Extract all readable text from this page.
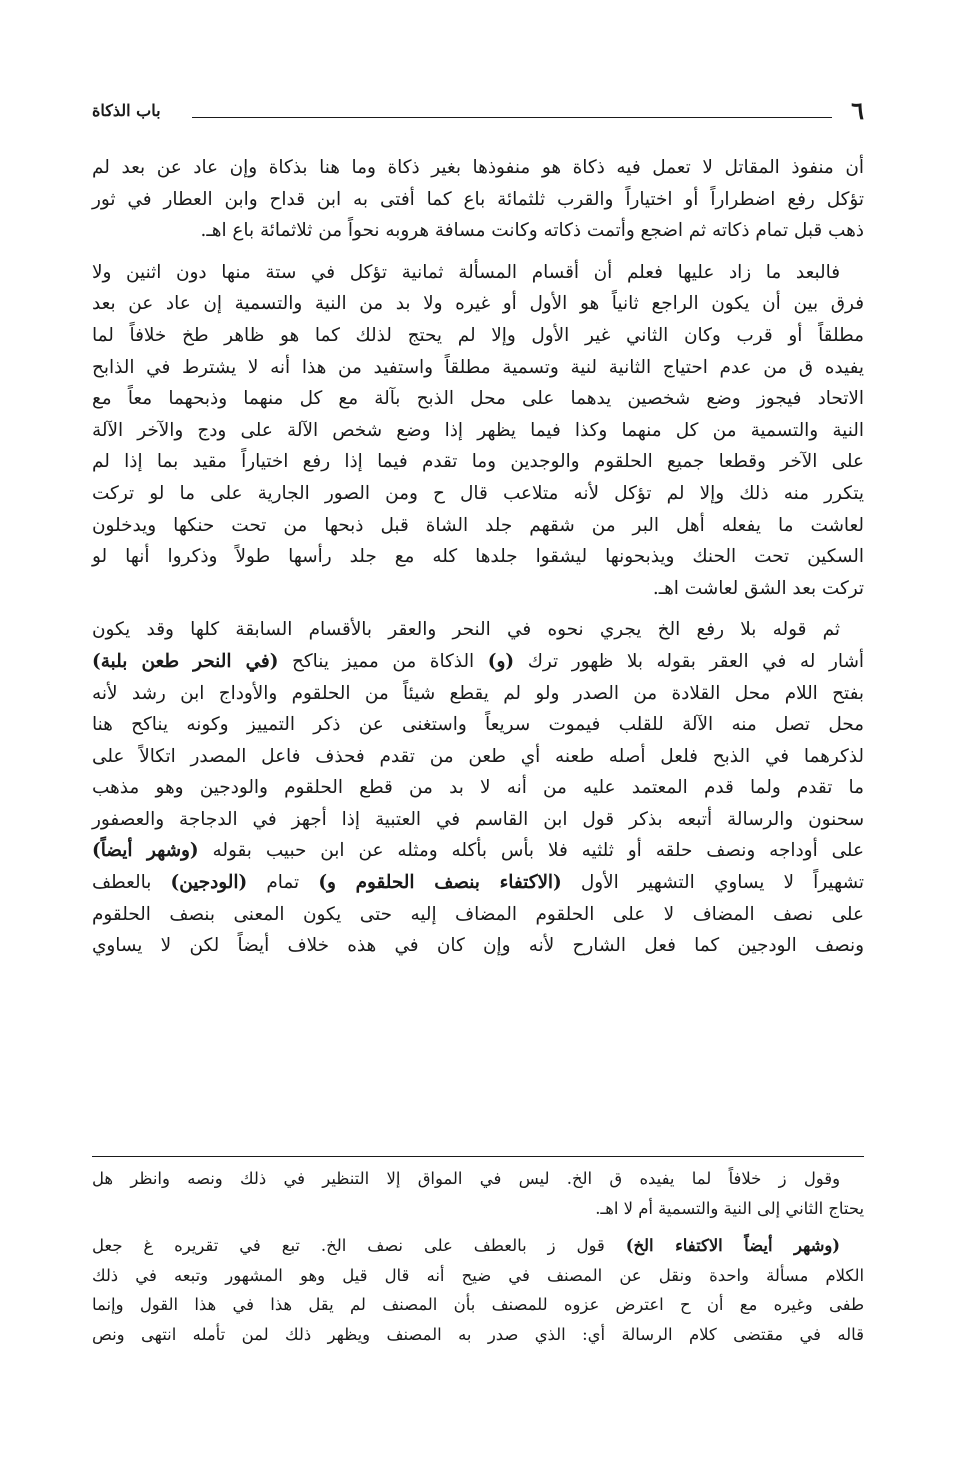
٦
باب الذكاة
أن منفوذ المقاتل لا تعمل فيه ذكاة هو منفوذها بغير ذكاة وما هنا بذكاة وإن عاد عن بعد لم
تؤكل رفع اضطراراً أو اختياراً والقرب ثلثمائة باع كما أفتى به ابن قداح وابن العطار في ثور
ذهب قبل تمام ذكاته ثم اضجع وأتمت ذكاته وكانت مسافة هروبه نحواً من ثلاثمائة باع اهـ.
فالبعد ما زاد عليها فعلم أن أقسام المسألة ثمانية تؤكل في ستة منها دون اثنين ولا
فرق بين أن يكون الراجع ثانياً هو الأول أو غيره ولا بد من النية والتسمية إن عاد عن بعد
مطلقاً أو قرب وكان الثاني غير الأول وإلا لم يحتج لذلك كما هو ظاهر طخ خلافاً لما
يفيده ق من عدم احتياج الثانية لنية وتسمية مطلقاً واستفيد من هذا أنه لا يشترط في الذابح
الاتحاد فيجوز وضع شخصين يدهما على محل الذبح بآلة مع كل منهما وذبحهما معاً مع
النية والتسمية من كل منهما وكذا فيما يظهر إذا وضع شخص الآلة على ودج والآخر الآلة
على الآخر وقطعا جميع الحلقوم والوجدين وما تقدم فيما إذا رفع اختياراً مقيد بما إذا لم
يتكرر منه ذلك وإلا لم تؤكل لأنه متلاعب قال ح ومن الصور الجارية على ما لو تركت
لعاشت ما يفعله أهل البر من شقهم جلد الشاة قبل ذبحها من تحت حنكها ويدخلون
السكين تحت الحنك ويذبحونها ليشقوا جلدها كله مع جلد رأسها طولاً وذكروا أنها لو
تركت بعد الشق لعاشت اهـ.
ثم قوله بلا رفع الخ يجري نحوه في النحر والعقر بالأقسام السابقة كلها وقد يكون
أشار له في العقر بقوله بلا ظهور ترك (و) الذكاة من مميز يناكح (في النحر طعن بلبة)
بفتح اللام محل القلادة من الصدر ولو لم يقطع شيئاً من الحلقوم والأوداج ابن رشد لأنه
محل تصل منه الآلة للقلب فيموت سريعاً واستغنى عن ذكر التمييز وكونه يناكح هنا
لذكرهما في الذبح فلعل أصله طعنه أي طعن من تقدم فحذف فاعل المصدر اتكالاً على
ما تقدم ولما قدم المعتمد عليه من أنه لا بد من قطع الحلقوم والودجين وهو مذهب
سحنون والرسالة أتبعه بذكر قول ابن القاسم في العتبية إذا أجهز في الدجاجة والعصفور
على أوداجه ونصف حلقه أو ثلثيه فلا بأس بأكله ومثله عن ابن حبيب بقوله (وشهر أيضاً)
تشهيراً لا يساوي التشهير الأول (الاكتفاء بنصف الحلقوم و) تمام (الودجين) بالعطف
على نصف المضاف لا على الحلقوم المضاف إليه حتى يكون المعنى بنصف الحلقوم
ونصف الودجين كما فعل الشارح لأنه وإن كان في هذه خلاف أيضاً لكن لا يساوي
وقول ز خلافاً لما يفيده ق الخ. ليس في المواق إلا التنظير في ذلك ونصه وانظر هل
يحتاج الثاني إلى النية والتسمية أم لا اهـ.
(وشهر أيضاً الاكتفاء الخ) قول ز بالعطف على نصف الخ. تبع في تقريره غ جعل
الكلام مسألة واحدة ونقل عن المصنف في ضيح أنه قال قيل وهو المشهور وتبعه في ذلك
طفى وغيره مع أن ح اعترض عزوه للمصنف بأن المصنف لم يقل هذا في هذا القول وإنما
قاله في مقتضى كلام الرسالة أي: الذي صدر به المصنف ويظهر ذلك لمن تأمله انتهى ونص
